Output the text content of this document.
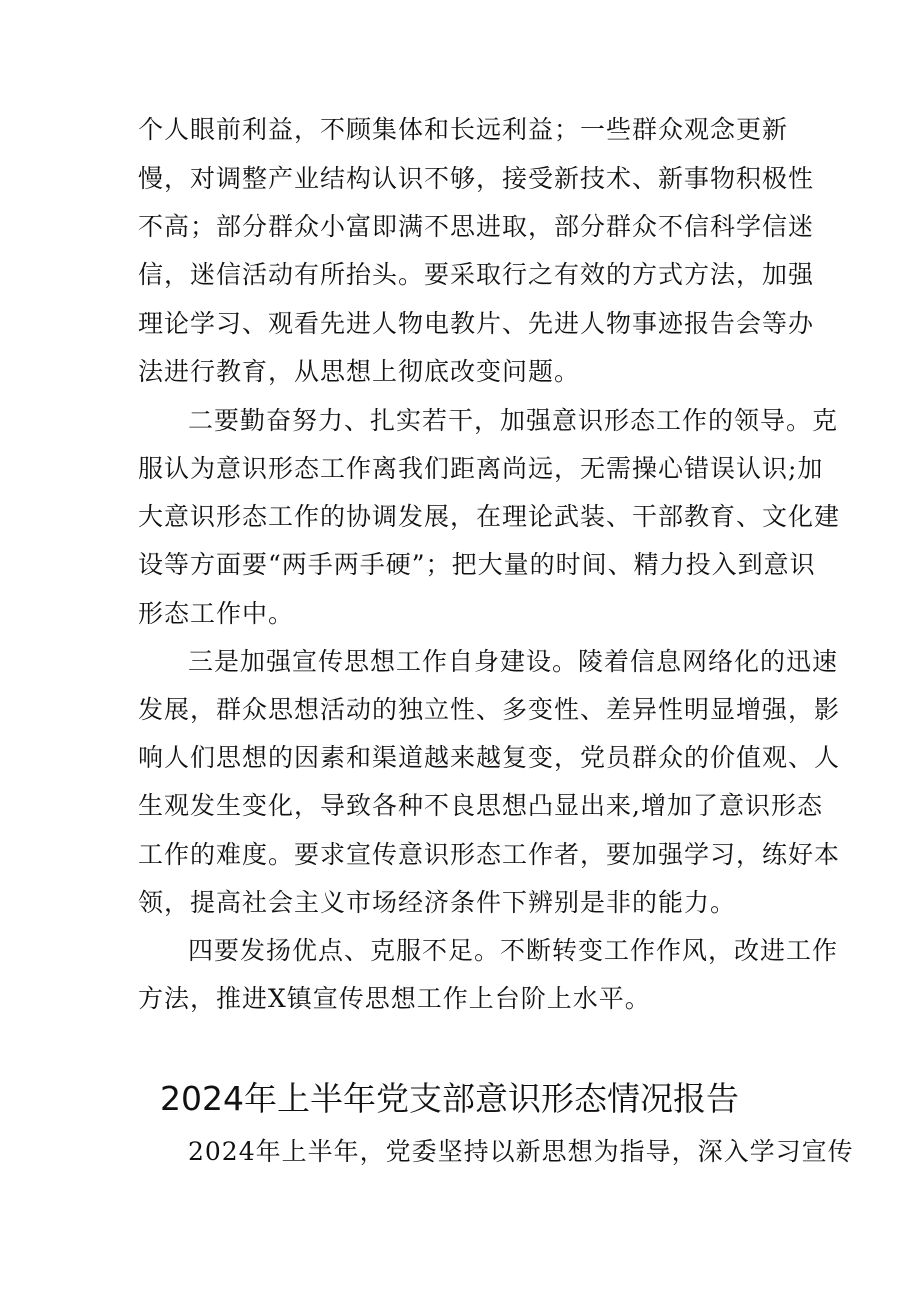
个人眼前利益，不顾集体和长远利益；一些群众观念更新
慢，对调整产业结构认识不够，接受新技术、新事物积极性
不高；部分群众小富即满不思进取，部分群众不信科学信迷
信，迷信活动有所抬头。要采取行之有效的方式方法，加强
理论学习、观看先进人物电教片、先进人物事迹报告会等办
法进行教育，从思想上彻底改变问题。
二要勤奋努力、扎实若干，加强意识形态工作的领导。克
服认为意识形态工作离我们距离尚远，无需操心错误认识;加
大意识形态工作的协调发展，在理论武装、干部教育、文化建
设等方面要“两手两手硬”；把大量的时间、精力投入到意识
形态工作中。
三是加强宣传思想工作自身建设。陵着信息网络化的迅速
发展，群众思想活动的独立性、多变性、差异性明显增强，影
响人们思想的因素和渠道越来越复变，党员群众的价值观、人
生观发生变化，导致各种不良思想凸显出来,增加了意识形态
工作的难度。要求宣传意识形态工作者，要加强学习，练好本
领，提高社会主义市场经济条件下辨别是非的能力。
四要发扬优点、克服不足。不断转变工作作风，改进工作
方法，推进X镇宣传思想工作上台阶上水平。
2024年上半年党支部意识形态情况报告
2024年上半年，党委坚持以新思想为指导，深入学习宣传
